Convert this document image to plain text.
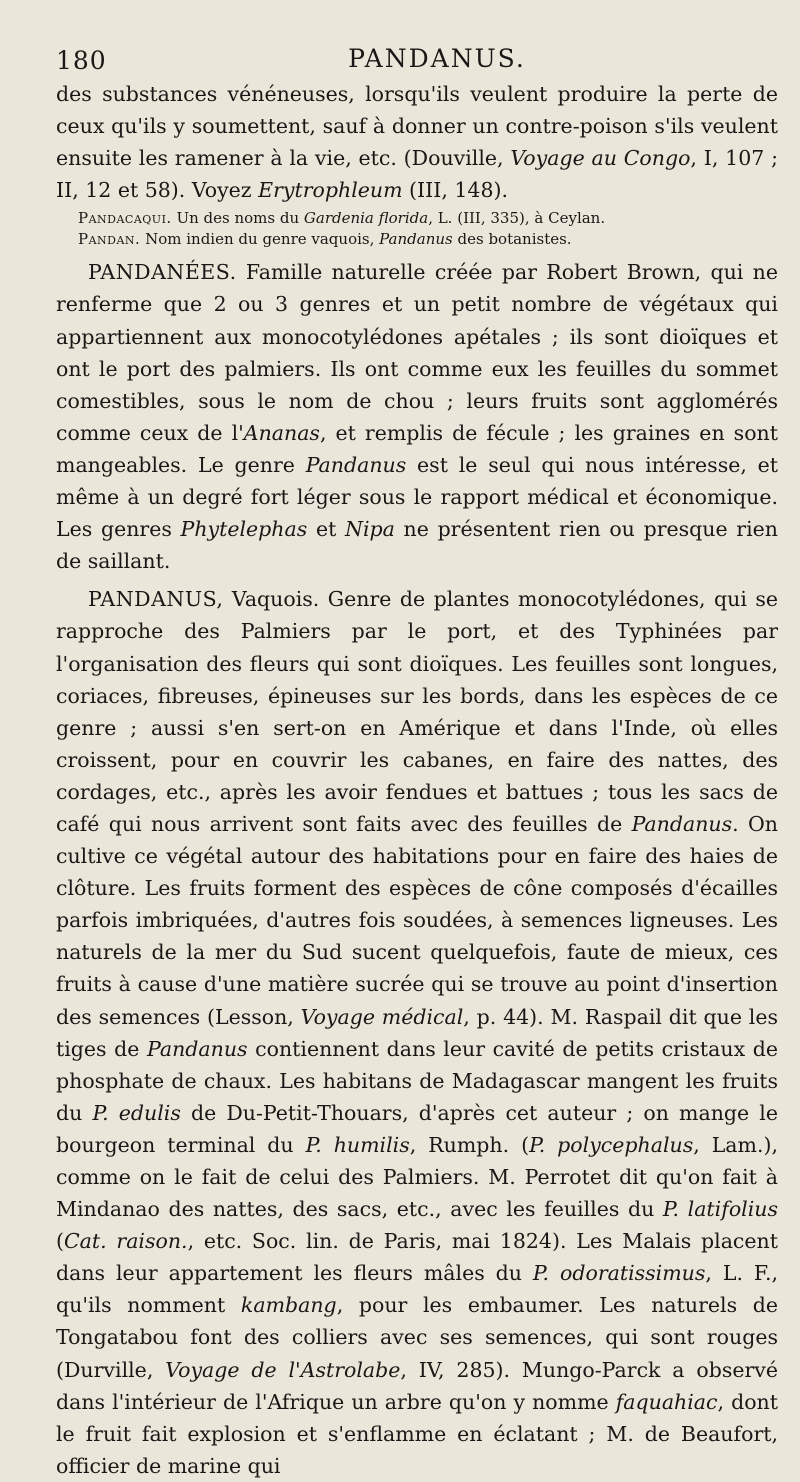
180	PANDANUS.

des substances vénéneuses, lorsqu'ils veulent produire la perte de ceux qu'ils y soumettent, sauf à donner un contre-poison s'ils veulent ensuite les ramener à la vie, etc. (Douville, Voyage au Congo, I, 107 ; II, 12 et 58). Voyez Erytrophleum (III, 148).

Pandacaqui. Un des noms du Gardenia florida, L. (III, 335), à Ceylan.

Pandan. Nom indien du genre vaquois, Pandanus des botanistes.

PANDANÉES. Famille naturelle créée par Robert Brown, qui ne renferme que 2 ou 3 genres et un petit nombre de végétaux qui appartiennent aux monocotylédones apétales ; ils sont dioïques et ont le port des palmiers. Ils ont comme eux les feuilles du sommet comestibles, sous le nom de chou ; leurs fruits sont agglomérés comme ceux de l'Ananas, et remplis de fécule ; les graines en sont mangeables. Le genre Pandanus est le seul qui nous intéresse, et même à un degré fort léger sous le rapport médical et économique. Les genres Phytelephas et Nipa ne présentent rien ou presque rien de saillant.

PANDANUS, Vaquois. Genre de plantes monocotylédones, qui se rapproche des Palmiers par le port, et des Typhinées par l'organisation des fleurs qui sont dioïques. Les feuilles sont longues, coriaces, fibreuses, épineuses sur les bords, dans les espèces de ce genre ; aussi s'en sert-on en Amérique et dans l'Inde, où elles croissent, pour en couvrir les cabanes, en faire des nattes, des cordages, etc., après les avoir fendues et battues ; tous les sacs de café qui nous arrivent sont faits avec des feuilles de Pandanus. On cultive ce végétal autour des habitations pour en faire des haies de clôture. Les fruits forment des espèces de cône composés d'écailles parfois imbriquées, d'autres fois soudées, à semences ligneuses. Les naturels de la mer du Sud sucent quelquefois, faute de mieux, ces fruits à cause d'une matière sucrée qui se trouve au point d'insertion des semences (Lesson, Voyage médical, p. 44). M. Raspail dit que les tiges de Pandanus contiennent dans leur cavité de petits cristaux de phosphate de chaux. Les habitans de Madagascar mangent les fruits du P. edulis de Du-Petit-Thouars, d'après cet auteur ; on mange le bourgeon terminal du P. humilis, Rumph. (P. polycephalus, Lam.), comme on le fait de celui des Palmiers. M. Perrotet dit qu'on fait à Mindanao des nattes, des sacs, etc., avec les feuilles du P. latifolius (Cat. raison., etc. Soc. lin. de Paris, mai 1824). Les Malais placent dans leur appartement les fleurs mâles du P. odoratissimus, L. F., qu'ils nomment kambang, pour les embaumer. Les naturels de Tongatabou font des colliers avec ses semences, qui sont rouges (Durville, Voyage de l'Astrolabe, IV, 285). Mungo-Parck a observé dans l'intérieur de l'Afrique un arbre qu'on y nomme faquahiac, dont le fruit fait explosion et s'enflamme en éclatant ; M. de Beaufort, officier de marine qui
